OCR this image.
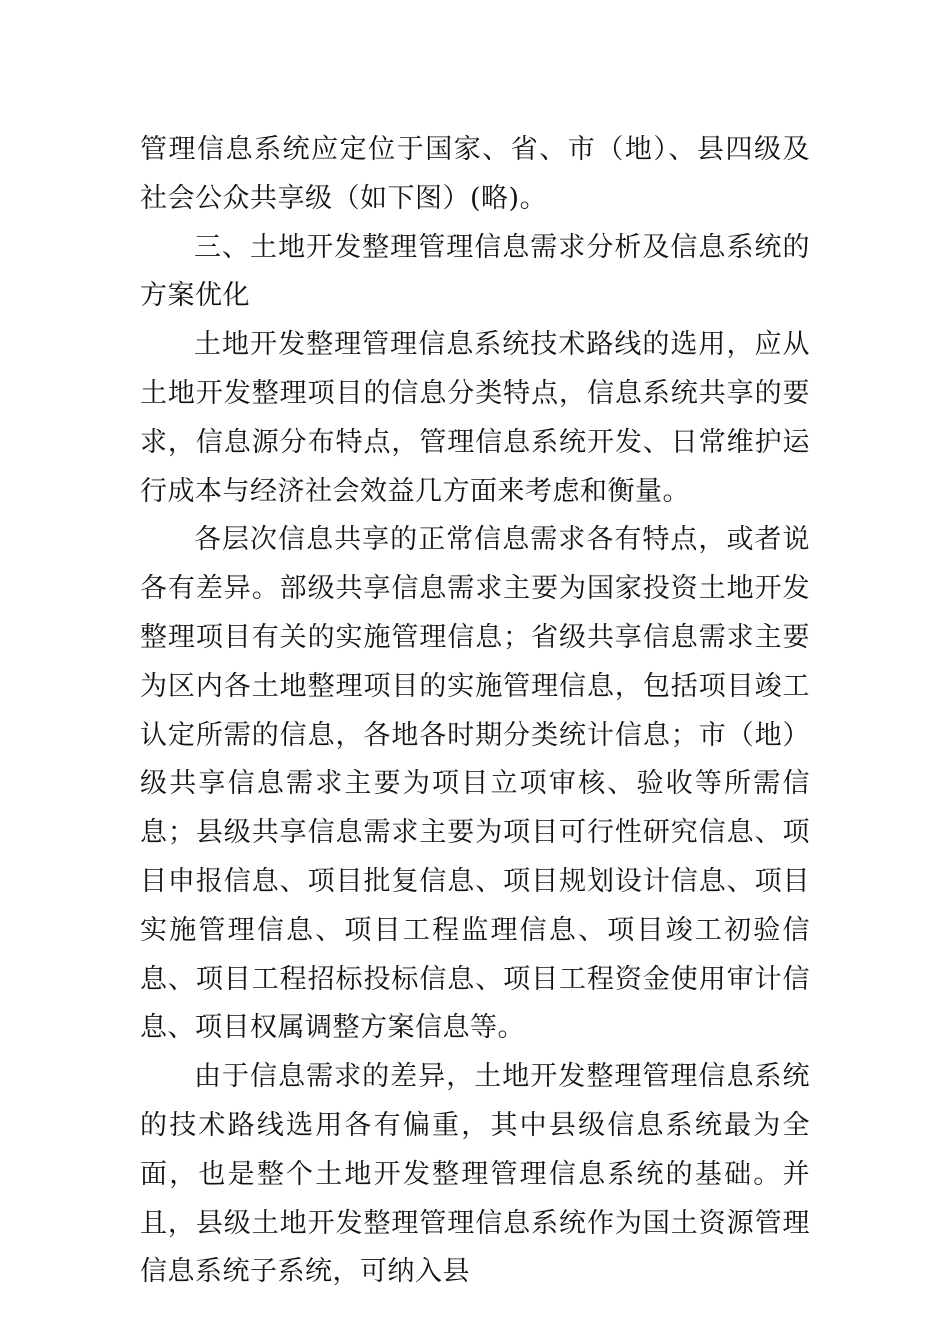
管理信息系统应定位于国家、省、市（地）、县四级及社会公众共享级（如下图）(略)。

三、土地开发整理管理信息需求分析及信息系统的方案优化

土地开发整理管理信息系统技术路线的选用，应从土地开发整理项目的信息分类特点，信息系统共享的要求，信息源分布特点，管理信息系统开发、日常维护运行成本与经济社会效益几方面来考虑和衡量。

各层次信息共享的正常信息需求各有特点，或者说各有差异。部级共享信息需求主要为国家投资土地开发整理项目有关的实施管理信息；省级共享信息需求主要为区内各土地整理项目的实施管理信息，包括项目竣工认定所需的信息，各地各时期分类统计信息；市（地）级共享信息需求主要为项目立项审核、验收等所需信息；县级共享信息需求主要为项目可行性研究信息、项目申报信息、项目批复信息、项目规划设计信息、项目实施管理信息、项目工程监理信息、项目竣工初验信息、项目工程招标投标信息、项目工程资金使用审计信息、项目权属调整方案信息等。

由于信息需求的差异，土地开发整理管理信息系统的技术路线选用各有偏重，其中县级信息系统最为全面，也是整个土地开发整理管理信息系统的基础。并且，县级土地开发整理管理信息系统作为国土资源管理信息系统子系统，可纳入县
